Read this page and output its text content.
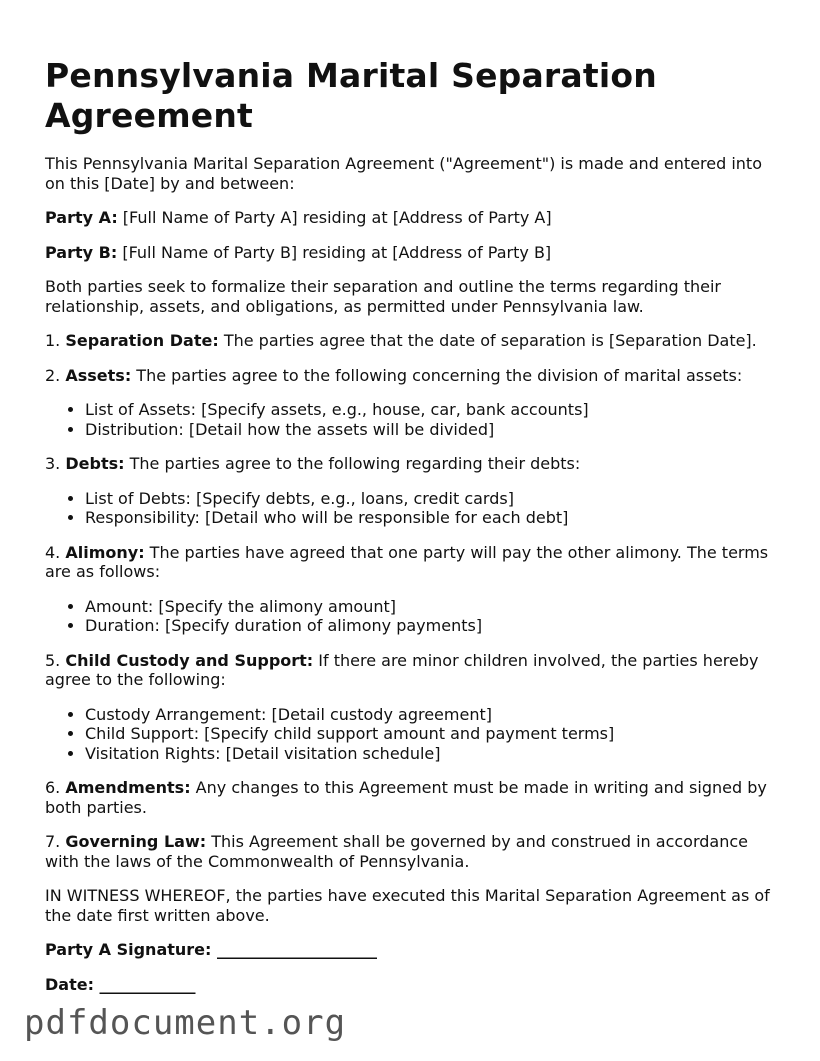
Pennsylvania Marital Separation Agreement

This Pennsylvania Marital Separation Agreement ("Agreement") is made and entered into on this [Date] by and between:

Party A: [Full Name of Party A] residing at [Address of Party A]

Party B: [Full Name of Party B] residing at [Address of Party B]

Both parties seek to formalize their separation and outline the terms regarding their relationship, assets, and obligations, as permitted under Pennsylvania law.

1. Separation Date: The parties agree that the date of separation is [Separation Date].

2. Assets: The parties agree to the following concerning the division of marital assets:

• List of Assets: [Specify assets, e.g., house, car, bank accounts]
• Distribution: [Detail how the assets will be divided]

3. Debts: The parties agree to the following regarding their debts:

• List of Debts: [Specify debts, e.g., loans, credit cards]
• Responsibility: [Detail who will be responsible for each debt]

4. Alimony: The parties have agreed that one party will pay the other alimony. The terms are as follows:

• Amount: [Specify the alimony amount]
• Duration: [Specify duration of alimony payments]

5. Child Custody and Support: If there are minor children involved, the parties hereby agree to the following:

• Custody Arrangement: [Detail custody agreement]
• Child Support: [Specify child support amount and payment terms]
• Visitation Rights: [Detail visitation schedule]

6. Amendments: Any changes to this Agreement must be made in writing and signed by both parties.

7. Governing Law: This Agreement shall be governed by and construed in accordance with the laws of the Commonwealth of Pennsylvania.

IN WITNESS WHEREOF, the parties have executed this Marital Separation Agreement as of the date first written above.

Party A Signature: ____________________

Date: ____________

pdfdocument.org
